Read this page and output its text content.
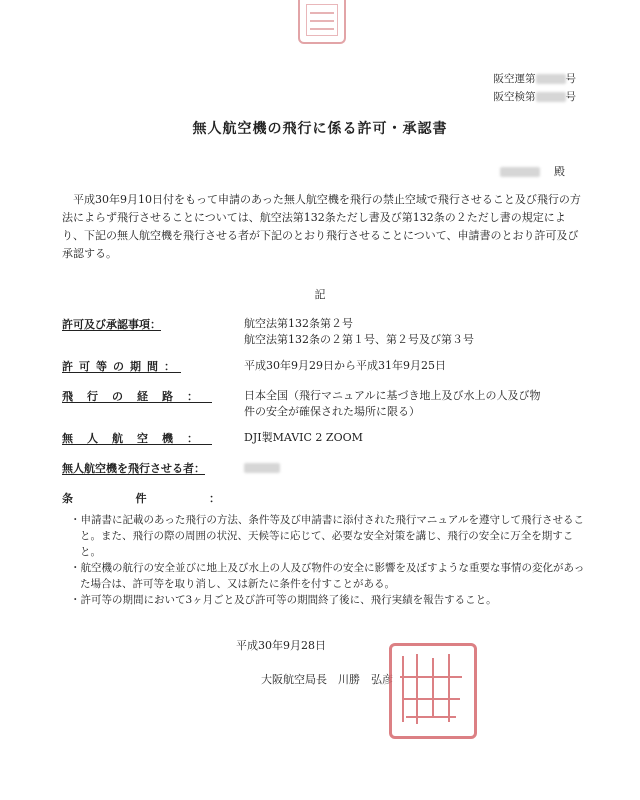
阪空運第	号
阪空検第	号
無人航空機の飛行に係る許可・承認書
殿
平成30年9月10日付をもって申請のあった無人航空機を飛行の禁止空域で飛行させること及び飛行の方法によらず飛行させることについては、航空法第132条ただし書及び第132条の２ただし書の規定により、下記の無人航空機を飛行させる者が下記のとおり飛行させることについて、申請書のとおり許可及び承認する。
記
許可及び承認事項：	航空法第132条第２号
航空法第132条の２第１号、第２号及び第３号
許可等の期間：	平成30年9月29日から平成31年9月25日
飛行の経路：	日本全国（飛行マニュアルに基づき地上及び水上の人及び物
件の安全が確保された場所に限る）
無人航空機：	DJI製MAVIC 2 ZOOM
無人航空機を飛行させる者：
条件：
・申請書に記載のあった飛行の方法、条件等及び申請書に添付された飛行マニュアルを遵守して飛行させること。また、飛行の際の周囲の状況、天候等に応じて、必要な安全対策を講じ、飛行の安全に万全を期すこと。
・航空機の航行の安全並びに地上及び水上の人及び物件の安全に影響を及ぼすような重要な事情の変化があった場合は、許可等を取り消し、又は新たに条件を付すことがある。
・許可等の期間において3ヶ月ごと及び許可等の期間終了後に、飛行実績を報告すること。
平成30年9月28日
大阪航空局長　川勝　弘彦
